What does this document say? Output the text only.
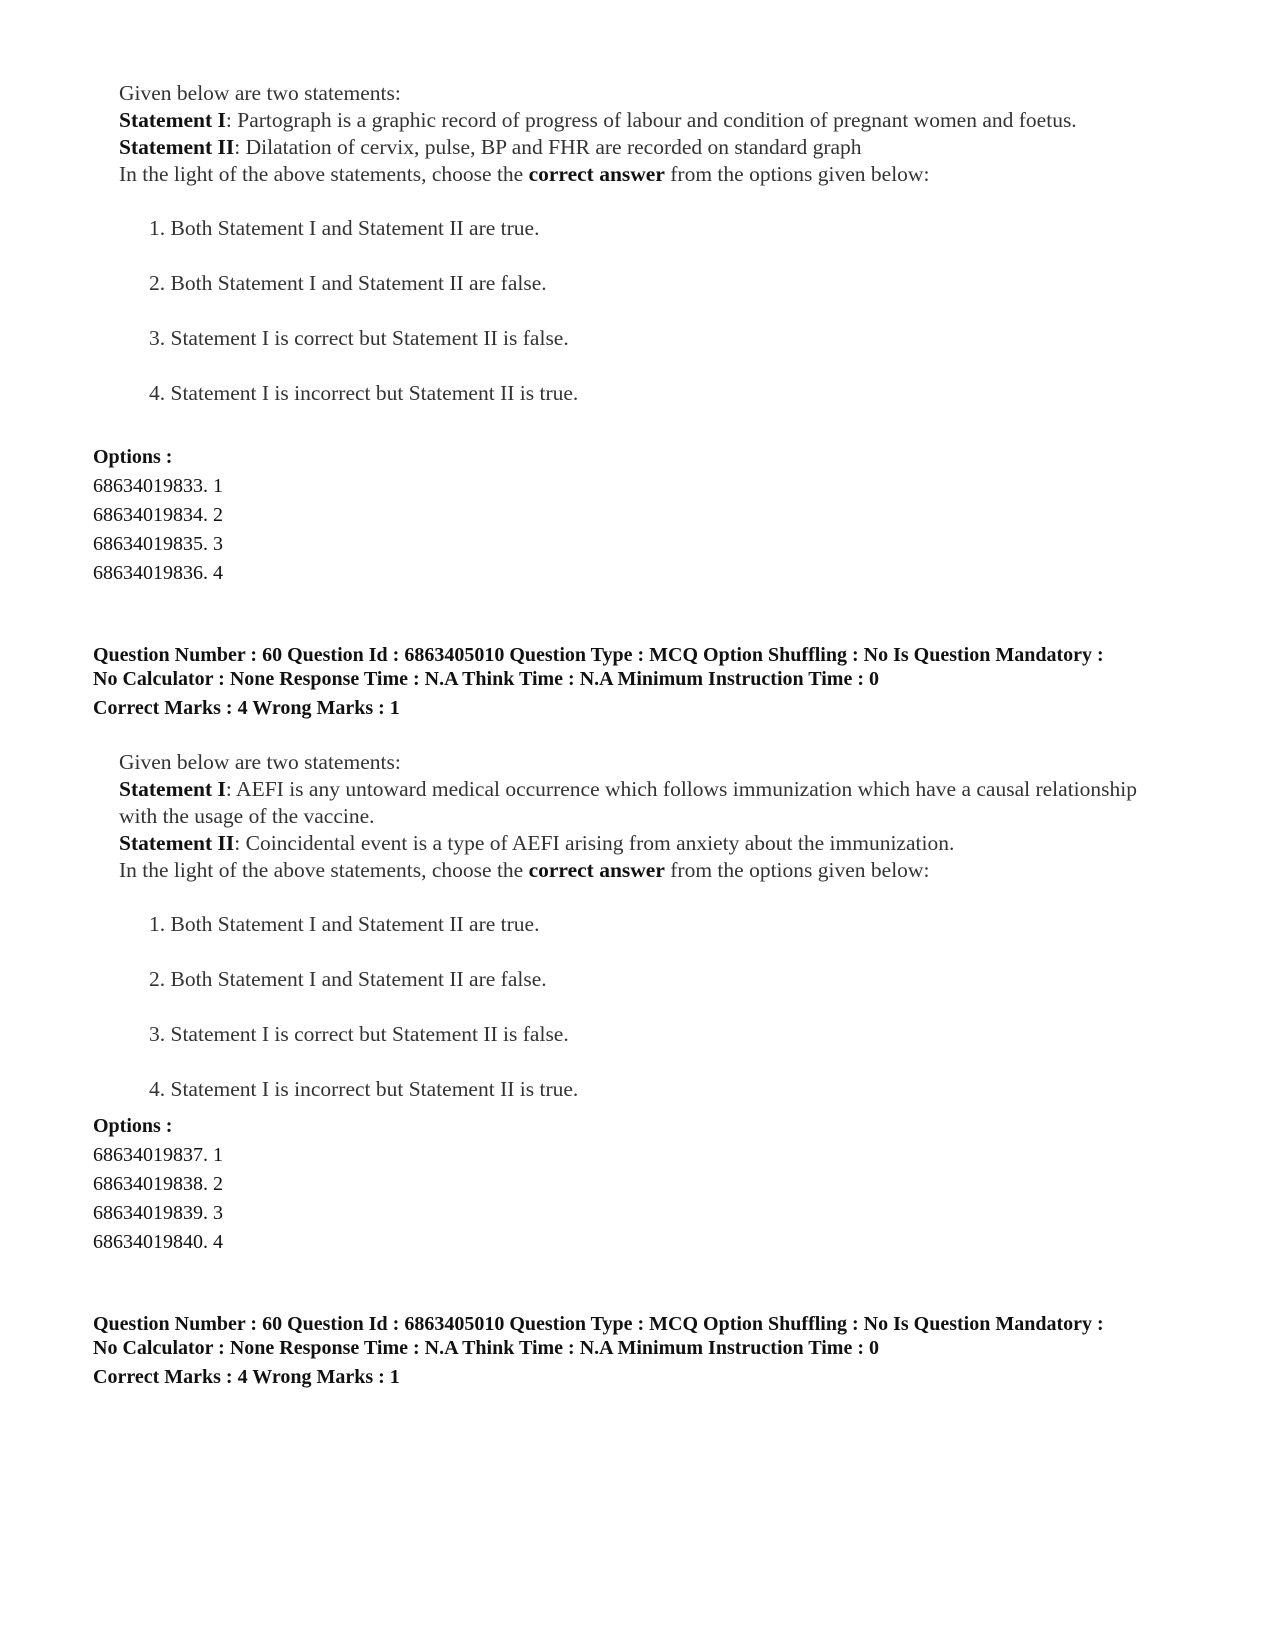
Given below are two statements:

Statement I: Partograph is a graphic record of progress of labour and condition of pregnant women and foetus.

Statement II: Dilatation of cervix, pulse, BP and FHR are recorded on standard graph

In the light of the above statements, choose the correct answer from the options given below:

1. Both Statement I and Statement II are true.
2. Both Statement I and Statement II are false.
3. Statement I is correct but Statement II is false.
4. Statement I is incorrect but Statement II is true.

Options :

68634019833. 1

68634019834. 2

68634019835. 3

68634019836. 4

Question Number : 60 Question Id : 6863405010 Question Type : MCQ Option Shuffling : No Is Question Mandatory :

No Calculator : None Response Time : N.A Think Time : N.A Minimum Instruction Time : 0

Correct Marks : 4 Wrong Marks : 1

Given below are two statements:

Statement I: AEFI is any untoward medical occurrence which follows immunization which have a causal relationship with the usage of the vaccine.

Statement II: Coincidental event is a type of AEFI arising from anxiety about the immunization.

In the light of the above statements, choose the correct answer from the options given below:

1. Both Statement I and Statement II are true.
2. Both Statement I and Statement II are false.
3. Statement I is correct but Statement II is false.
4. Statement I is incorrect but Statement II is true.

Options :

68634019837. 1

68634019838. 2

68634019839. 3

68634019840. 4

Question Number : 60 Question Id : 6863405010 Question Type : MCQ Option Shuffling : No Is Question Mandatory :

No Calculator : None Response Time : N.A Think Time : N.A Minimum Instruction Time : 0

Correct Marks : 4 Wrong Marks : 1
